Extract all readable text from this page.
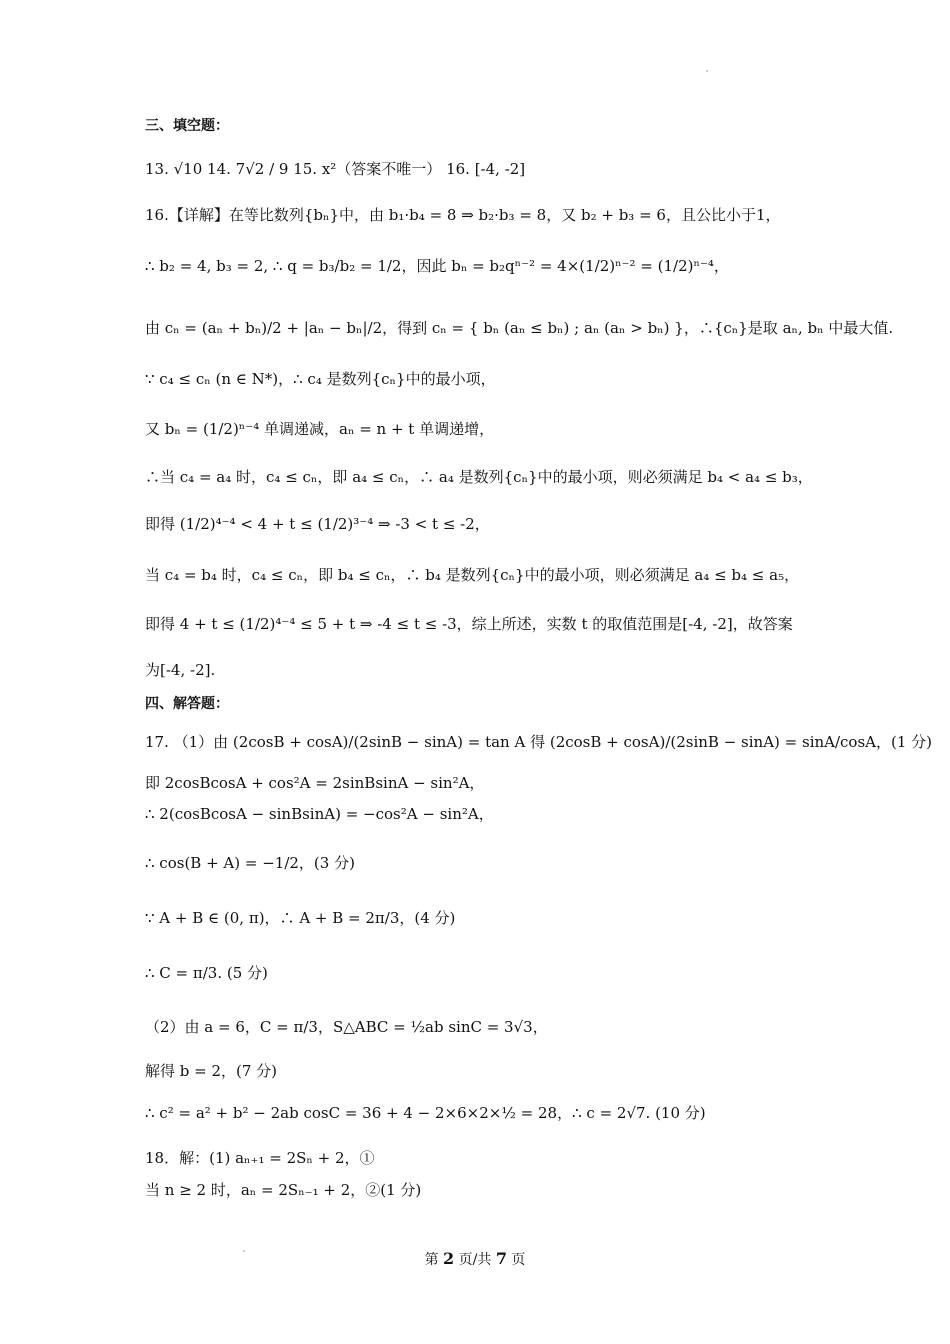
三、填空题：
13. √10 14. 7√2 / 9 15. x²（答案不唯一） 16. [-4, -2]
16.【详解】在等比数列{bₙ}中，由 b₁·b₄ = 8 ⇒ b₂·b₃ = 8，又 b₂ + b₃ = 6，且公比小于1，
∴ b₂ = 4, b₃ = 2, ∴ q = b₃/b₂ = 1/2，因此 bₙ = b₂qⁿ⁻² = 4×(1/2)ⁿ⁻² = (1/2)ⁿ⁻⁴，
由 cₙ = (aₙ + bₙ)/2 + |aₙ − bₙ|/2，得到 cₙ = { bₙ (aₙ ≤ bₙ) ; aₙ (aₙ > bₙ) }，∴{cₙ}是取 aₙ, bₙ 中最大值.
∵ c₄ ≤ cₙ (n ∈ N*)，∴ c₄ 是数列{cₙ}中的最小项，
又 bₙ = (1/2)ⁿ⁻⁴ 单调递减，aₙ = n + t 单调递增，
∴当 c₄ = a₄ 时，c₄ ≤ cₙ，即 a₄ ≤ cₙ，∴ a₄ 是数列{cₙ}中的最小项，则必须满足 b₄ < a₄ ≤ b₃，
即得 (1/2)⁴⁻⁴ < 4 + t ≤ (1/2)³⁻⁴ ⇒ -3 < t ≤ -2，
当 c₄ = b₄ 时，c₄ ≤ cₙ，即 b₄ ≤ cₙ，∴ b₄ 是数列{cₙ}中的最小项，则必须满足 a₄ ≤ b₄ ≤ a₅，
即得 4 + t ≤ (1/2)⁴⁻⁴ ≤ 5 + t ⇒ -4 ≤ t ≤ -3，综上所述，实数 t 的取值范围是[-4, -2]，故答案
为[-4, -2].
四、解答题：
17. （1）由 (2cosB + cosA)/(2sinB − sinA) = tan A 得 (2cosB + cosA)/(2sinB − sinA) = sinA/cosA，(1 分)
即 2cosBcosA + cos²A = 2sinBsinA − sin²A，
∴ 2(cosBcosA − sinBsinA) = −cos²A − sin²A，
∴ cos(B + A) = −1/2，(3 分)
∵ A + B ∈ (0, π)，∴ A + B = 2π/3，(4 分)
∴ C = π/3. (5 分)
（2）由 a = 6，C = π/3，S△ABC = ½ab sinC = 3√3，
解得 b = 2，(7 分)
∴ c² = a² + b² − 2ab cosC = 36 + 4 − 2×6×2×½ = 28，∴ c = 2√7. (10 分)
18．解：(1) aₙ₊₁ = 2Sₙ + 2，①
当 n ≥ 2 时，aₙ = 2Sₙ₋₁ + 2，②(1 分)
第 2 页/共 7 页
